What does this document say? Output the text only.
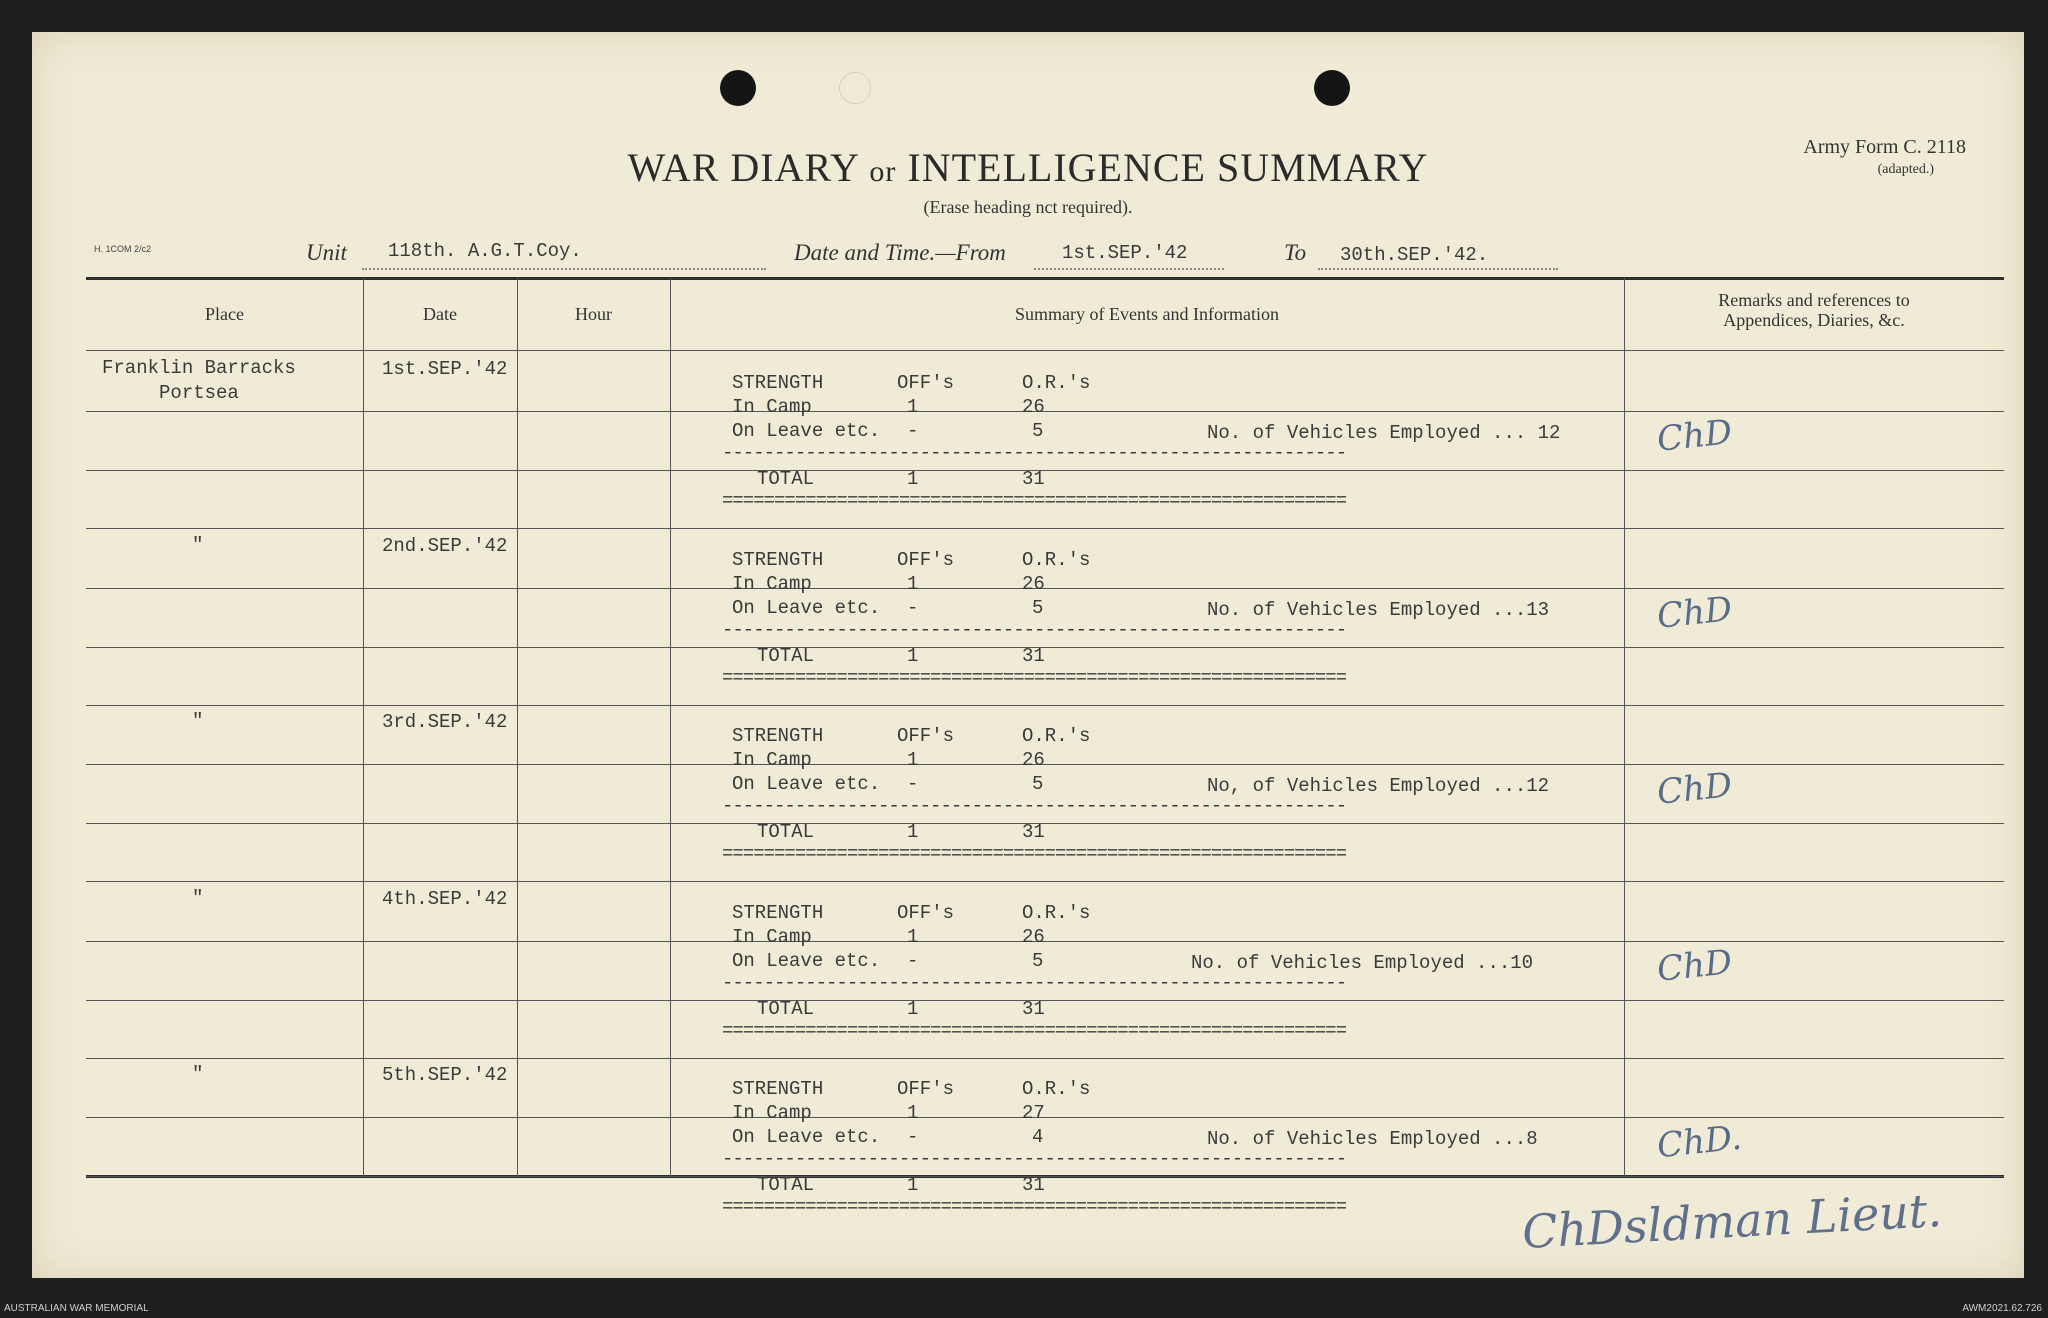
WAR DIARY or INTELLIGENCE SUMMARY
(Erase heading nct required).
Army Form C. 2118
(adapted.)
H. 1COM 2/c2	Unit 118th. A.G.T.Coy.	Date and Time.—From	1st.SEP.'42	To 30th.SEP.'42.
Place	Date	Hour	Summary of Events and Information
Remarks and references to
Appendices, Diaries, &c.
Franklin Barracks
Portsea
1st.SEP.'42
STRENGTH	OFF's	O.R.'s
In Camp	1	26
On Leave etc. -	5
------------------------------------------------------------
TOTAL	1	31
============================================================
No. of Vehicles Employed ... 12	ChD
"	2nd.SEP.'42
STRENGTH	OFF's	O.R.'s
In Camp	1	26
On Leave etc. -	5
------------------------------------------------------------
TOTAL	1	31
============================================================
No. of Vehicles Employed ...13	ChD
"	3rd.SEP.'42
STRENGTH	OFF's	O.R.'s
In Camp	1	26
On Leave etc. -	5
------------------------------------------------------------
TOTAL	1	31
============================================================
No, of Vehicles Employed ...12	ChD
"	4th.SEP.'42
STRENGTH	OFF's	O.R.'s
In Camp	1	26
On Leave etc. -	5
------------------------------------------------------------
TOTAL	1	31
============================================================
No. of Vehicles Employed ...10	ChD
"	5th.SEP.'42
STRENGTH	OFF's	O.R.'s
In Camp	1	27
On Leave etc. -	4
------------------------------------------------------------
TOTAL	1	31
============================================================
No. of Vehicles Employed ...8	ChD.
ChDsldman Lieut.
AUSTRALIAN WAR MEMORIAL	AWM2021.62.726
